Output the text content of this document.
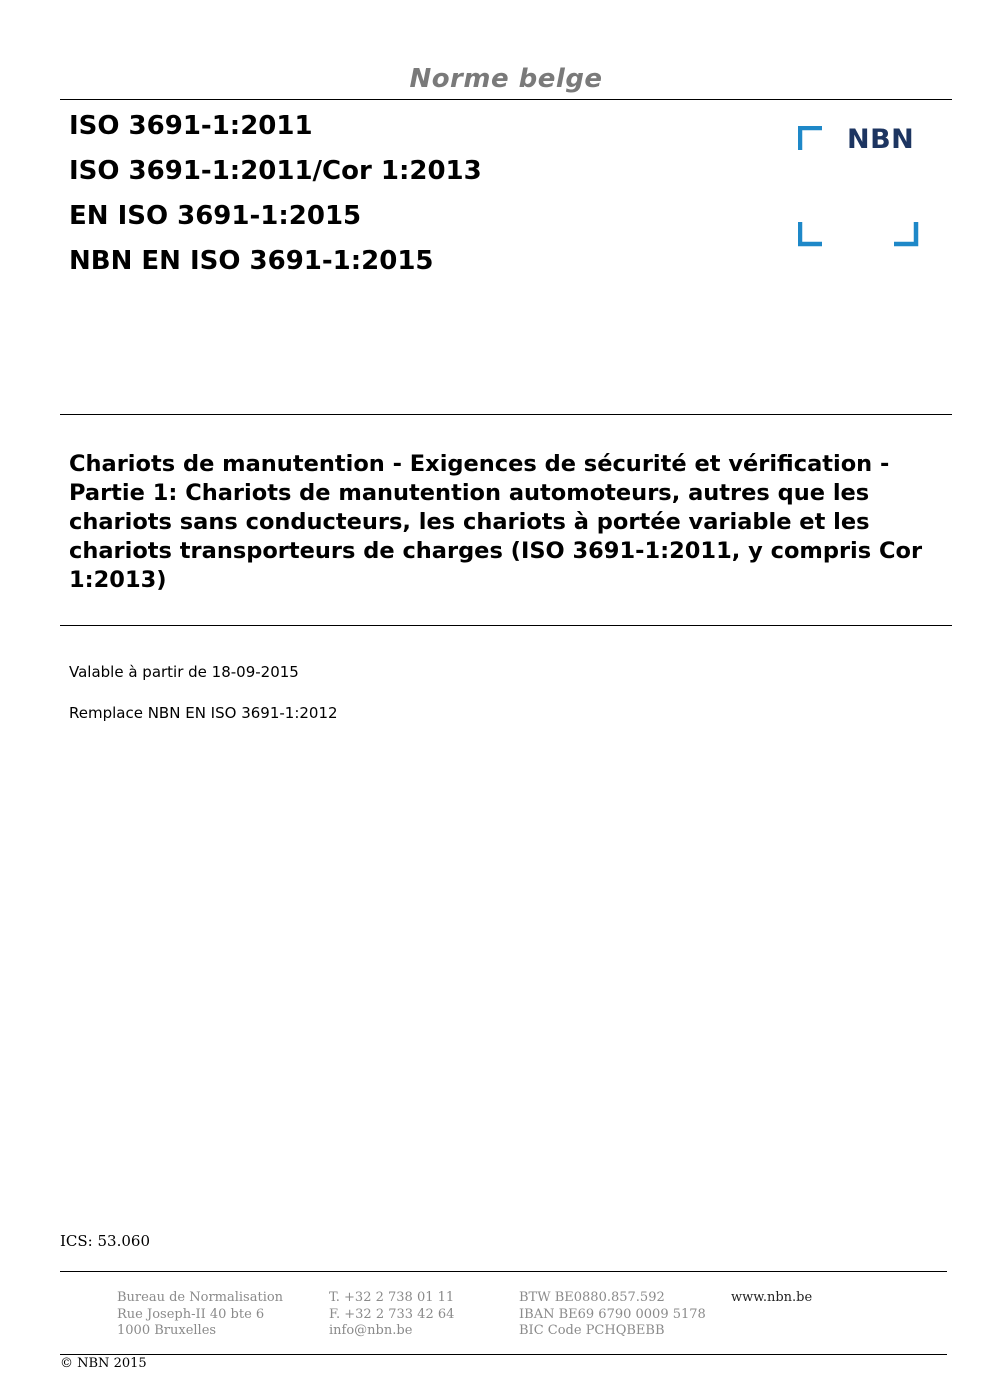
Norme belge
ISO 3691-1:2011
ISO 3691-1:2011/Cor 1:2013
EN ISO 3691-1:2015
NBN EN ISO 3691-1:2015
NBN
Chariots de manutention - Exigences de sécurité et vérification - Partie 1: Chariots de manutention automoteurs, autres que les chariots sans conducteurs, les chariots à portée variable et les chariots transporteurs de charges (ISO 3691-1:2011, y compris Cor 1:2013)
Valable à partir de 18-09-2015
Remplace NBN EN ISO 3691-1:2012
ICS: 53.060
Bureau de Normalisation
Rue Joseph-II 40 bte 6
1000 Bruxelles
T. +32 2 738 01 11
F. +32 2 733 42 64
info@nbn.be
BTW BE0880.857.592
IBAN BE69 6790 0009 5178
BIC Code PCHQBEBB
www.nbn.be
© NBN 2015
